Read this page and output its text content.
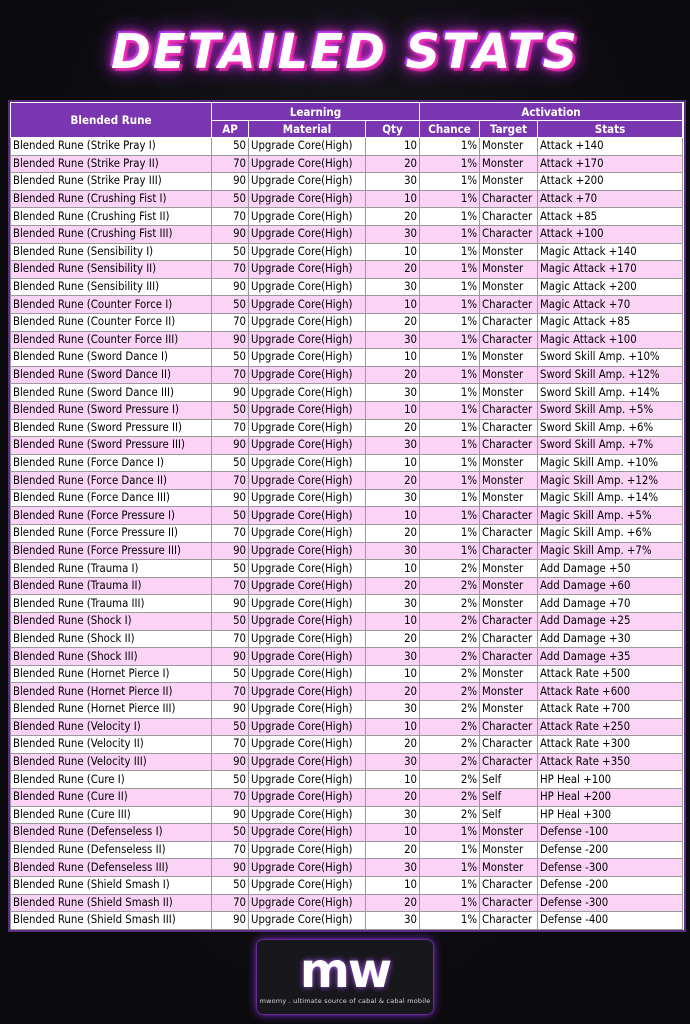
DETAILED STATS
Blended Rune	Learning			Activation		
	AP	Material	Qty	Chance	Target	Stats
Blended Rune (Strike Pray I)	50	Upgrade Core(High)	10	1%	Monster	Attack +140
Blended Rune (Strike Pray II)	70	Upgrade Core(High)	20	1%	Monster	Attack +170
Blended Rune (Strike Pray III)	90	Upgrade Core(High)	30	1%	Monster	Attack +200
Blended Rune (Crushing Fist I)	50	Upgrade Core(High)	10	1%	Character	Attack +70
Blended Rune (Crushing Fist II)	70	Upgrade Core(High)	20	1%	Character	Attack +85
Blended Rune (Crushing Fist III)	90	Upgrade Core(High)	30	1%	Character	Attack +100
Blended Rune (Sensibility I)	50	Upgrade Core(High)	10	1%	Monster	Magic Attack +140
Blended Rune (Sensibility II)	70	Upgrade Core(High)	20	1%	Monster	Magic Attack +170
Blended Rune (Sensibility III)	90	Upgrade Core(High)	30	1%	Monster	Magic Attack +200
Blended Rune (Counter Force I)	50	Upgrade Core(High)	10	1%	Character	Magic Attack +70
Blended Rune (Counter Force II)	70	Upgrade Core(High)	20	1%	Character	Magic Attack +85
Blended Rune (Counter Force III)	90	Upgrade Core(High)	30	1%	Character	Magic Attack +100
Blended Rune (Sword Dance I)	50	Upgrade Core(High)	10	1%	Monster	Sword Skill Amp. +10%
Blended Rune (Sword Dance II)	70	Upgrade Core(High)	20	1%	Monster	Sword Skill Amp. +12%
Blended Rune (Sword Dance III)	90	Upgrade Core(High)	30	1%	Monster	Sword Skill Amp. +14%
Blended Rune (Sword Pressure I)	50	Upgrade Core(High)	10	1%	Character	Sword Skill Amp. +5%
Blended Rune (Sword Pressure II)	70	Upgrade Core(High)	20	1%	Character	Sword Skill Amp. +6%
Blended Rune (Sword Pressure III)	90	Upgrade Core(High)	30	1%	Character	Sword Skill Amp. +7%
Blended Rune (Force Dance I)	50	Upgrade Core(High)	10	1%	Monster	Magic Skill Amp. +10%
Blended Rune (Force Dance II)	70	Upgrade Core(High)	20	1%	Monster	Magic Skill Amp. +12%
Blended Rune (Force Dance III)	90	Upgrade Core(High)	30	1%	Monster	Magic Skill Amp. +14%
Blended Rune (Force Pressure I)	50	Upgrade Core(High)	10	1%	Character	Magic Skill Amp. +5%
Blended Rune (Force Pressure II)	70	Upgrade Core(High)	20	1%	Character	Magic Skill Amp. +6%
Blended Rune (Force Pressure III)	90	Upgrade Core(High)	30	1%	Character	Magic Skill Amp. +7%
Blended Rune (Trauma I)	50	Upgrade Core(High)	10	2%	Monster	Add Damage +50
Blended Rune (Trauma II)	70	Upgrade Core(High)	20	2%	Monster	Add Damage +60
Blended Rune (Trauma III)	90	Upgrade Core(High)	30	2%	Monster	Add Damage +70
Blended Rune (Shock I)	50	Upgrade Core(High)	10	2%	Character	Add Damage +25
Blended Rune (Shock II)	70	Upgrade Core(High)	20	2%	Character	Add Damage +30
Blended Rune (Shock III)	90	Upgrade Core(High)	30	2%	Character	Add Damage +35
Blended Rune (Hornet Pierce I)	50	Upgrade Core(High)	10	2%	Monster	Attack Rate +500
Blended Rune (Hornet Pierce II)	70	Upgrade Core(High)	20	2%	Monster	Attack Rate +600
Blended Rune (Hornet Pierce III)	90	Upgrade Core(High)	30	2%	Monster	Attack Rate +700
Blended Rune (Velocity I)	50	Upgrade Core(High)	10	2%	Character	Attack Rate +250
Blended Rune (Velocity II)	70	Upgrade Core(High)	20	2%	Character	Attack Rate +300
Blended Rune (Velocity III)	90	Upgrade Core(High)	30	2%	Character	Attack Rate +350
Blended Rune (Cure I)	50	Upgrade Core(High)	10	2%	Self	HP Heal +100
Blended Rune (Cure II)	70	Upgrade Core(High)	20	2%	Self	HP Heal +200
Blended Rune (Cure III)	90	Upgrade Core(High)	30	2%	Self	HP Heal +300
Blended Rune (Defenseless I)	50	Upgrade Core(High)	10	1%	Monster	Defense -100
Blended Rune (Defenseless II)	70	Upgrade Core(High)	20	1%	Monster	Defense -200
Blended Rune (Defenseless III)	90	Upgrade Core(High)	30	1%	Monster	Defense -300
Blended Rune (Shield Smash I)	50	Upgrade Core(High)	10	1%	Character	Defense -200
Blended Rune (Shield Smash II)	70	Upgrade Core(High)	20	1%	Character	Defense -300
Blended Rune (Shield Smash III)	90	Upgrade Core(High)	30	1%	Character	Defense -400
mw
mwomy . ultimate source of cabal & cabal mobile
